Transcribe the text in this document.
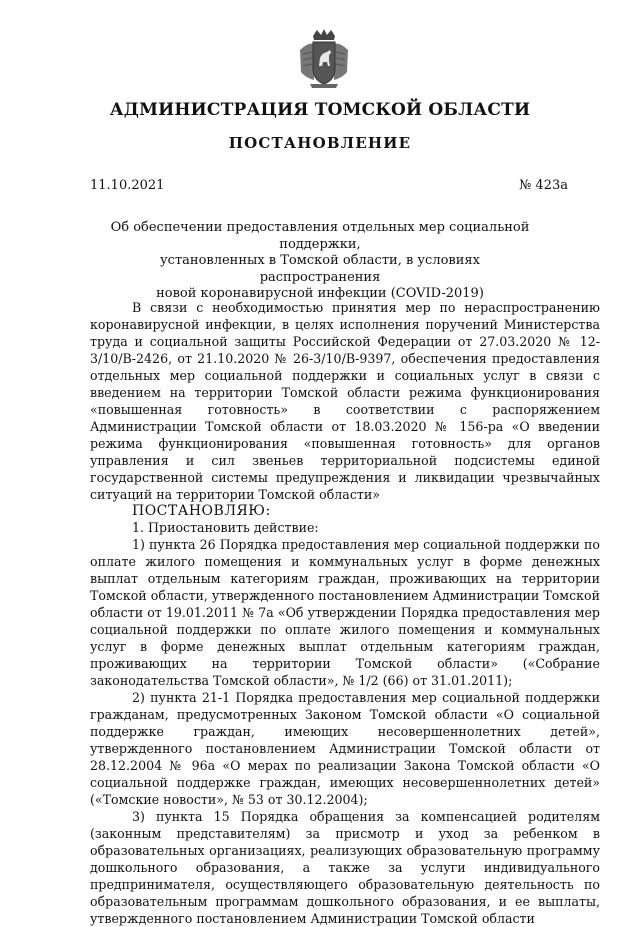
АДМИНИСТРАЦИЯ ТОМСКОЙ ОБЛАСТИ
ПОСТАНОВЛЕНИЕ
11.10.2021	№ 423а
Об обеспечении предоставления отдельных мер социальной поддержки,
установленных в Томской области, в условиях распространения
новой коронавирусной инфекции (COVID-2019)

В связи с необходимостью принятия мер по нераспространению коронавирусной инфекции, в целях исполнения поручений Министерства труда и социальной защиты Российской Федерации от 27.03.2020 № 12-3/10/В-2426, от 21.10.2020 № 26-3/10/В-9397, обеспечения предоставления отдельных мер социальной поддержки и социальных услуг в связи с введением на территории Томской области режима функционирования «повышенная готовность» в соответствии с распоряжением Администрации Томской области от 18.03.2020 № 156-ра «О введении режима функционирования «повышенная готовность» для органов управления и сил звеньев территориальной подсистемы единой государственной системы предупреждения и ликвидации чрезвычайных ситуаций на территории Томской области»

ПОСТАНОВЛЯЮ:

1. Приостановить действие:

1) пункта 26 Порядка предоставления мер социальной поддержки по оплате жилого помещения и коммунальных услуг в форме денежных выплат отдельным категориям граждан, проживающих на территории Томской области, утвержденного постановлением Администрации Томской области от 19.01.2011 № 7а «Об утверждении Порядка предоставления мер социальной поддержки по оплате жилого помещения и коммунальных услуг в форме денежных выплат отдельным категориям граждан, проживающих на территории Томской области» («Собрание законодательства Томской области», № 1/2 (66) от 31.01.2011);

2) пункта 21-1 Порядка предоставления мер социальной поддержки гражданам, предусмотренных Законом Томской области «О социальной поддержке граждан, имеющих несовершеннолетних детей», утвержденного постановлением Администрации Томской области от 28.12.2004 № 96а «О мерах по реализации Закона Томской области «О социальной поддержке граждан, имеющих несовершеннолетних детей» («Томские новости», № 53 от 30.12.2004);

3) пункта 15 Порядка обращения за компенсацией родителям (законным представителям) за присмотр и уход за ребенком в образовательных организациях, реализующих образовательную программу дошкольного образования, а также за услуги индивидуального предпринимателя, осуществляющего образовательную деятельность по образовательным программам дошкольного образования, и ее выплаты, утвержденного постановлением Администрации Томской области
